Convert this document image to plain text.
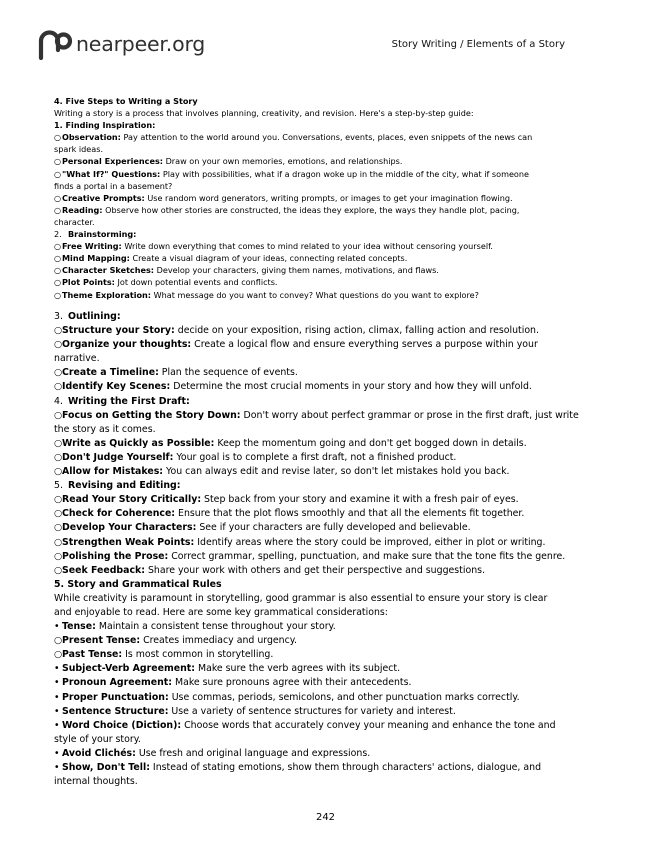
nearpeer.org	Story Writing / Elements of a Story
4. Five Steps to Writing a Story
Writing a story is a process that involves planning, creativity, and revision. Here's a step-by-step guide:
1. Finding Inspiration:
○Observation: Pay attention to the world around you. Conversations, events, places, even snippets of the news can
spark ideas.
○Personal Experiences: Draw on your own memories, emotions, and relationships.
○"What If?" Questions: Play with possibilities, what if a dragon woke up in the middle of the city, what if someone
finds a portal in a basement?
○Creative Prompts: Use random word generators, writing prompts, or images to get your imagination flowing.
○Reading: Observe how other stories are constructed, the ideas they explore, the ways they handle plot, pacing,
character.
2. Brainstorming:
○Free Writing: Write down everything that comes to mind related to your idea without censoring yourself.
○Mind Mapping: Create a visual diagram of your ideas, connecting related concepts.
○Character Sketches: Develop your characters, giving them names, motivations, and flaws.
○Plot Points: Jot down potential events and conflicts.
○Theme Exploration: What message do you want to convey? What questions do you want to explore?
3. Outlining:
○Structure your Story: decide on your exposition, rising action, climax, falling action and resolution.
○Organize your thoughts: Create a logical flow and ensure everything serves a purpose within your
narrative.
○Create a Timeline: Plan the sequence of events.
○Identify Key Scenes: Determine the most crucial moments in your story and how they will unfold.
4. Writing the First Draft:
○Focus on Getting the Story Down: Don't worry about perfect grammar or prose in the first draft, just write
the story as it comes.
○Write as Quickly as Possible: Keep the momentum going and don't get bogged down in details.
○Don't Judge Yourself: Your goal is to complete a first draft, not a finished product.
○Allow for Mistakes: You can always edit and revise later, so don't let mistakes hold you back.
5. Revising and Editing:
○Read Your Story Critically: Step back from your story and examine it with a fresh pair of eyes.
○Check for Coherence: Ensure that the plot flows smoothly and that all the elements fit together.
○Develop Your Characters: See if your characters are fully developed and believable.
○Strengthen Weak Points: Identify areas where the story could be improved, either in plot or writing.
○Polishing the Prose: Correct grammar, spelling, punctuation, and make sure that the tone fits the genre.
○Seek Feedback: Share your work with others and get their perspective and suggestions.
5. Story and Grammatical Rules
While creativity is paramount in storytelling, good grammar is also essential to ensure your story is clear
and enjoyable to read. Here are some key grammatical considerations:
• Tense: Maintain a consistent tense throughout your story.
○Present Tense: Creates immediacy and urgency.
○Past Tense: Is most common in storytelling.
• Subject-Verb Agreement: Make sure the verb agrees with its subject.
• Pronoun Agreement: Make sure pronouns agree with their antecedents.
• Proper Punctuation: Use commas, periods, semicolons, and other punctuation marks correctly.
• Sentence Structure: Use a variety of sentence structures for variety and interest.
• Word Choice (Diction): Choose words that accurately convey your meaning and enhance the tone and
style of your story.
• Avoid Clichés: Use fresh and original language and expressions.
• Show, Don't Tell: Instead of stating emotions, show them through characters' actions, dialogue, and
internal thoughts.
242
